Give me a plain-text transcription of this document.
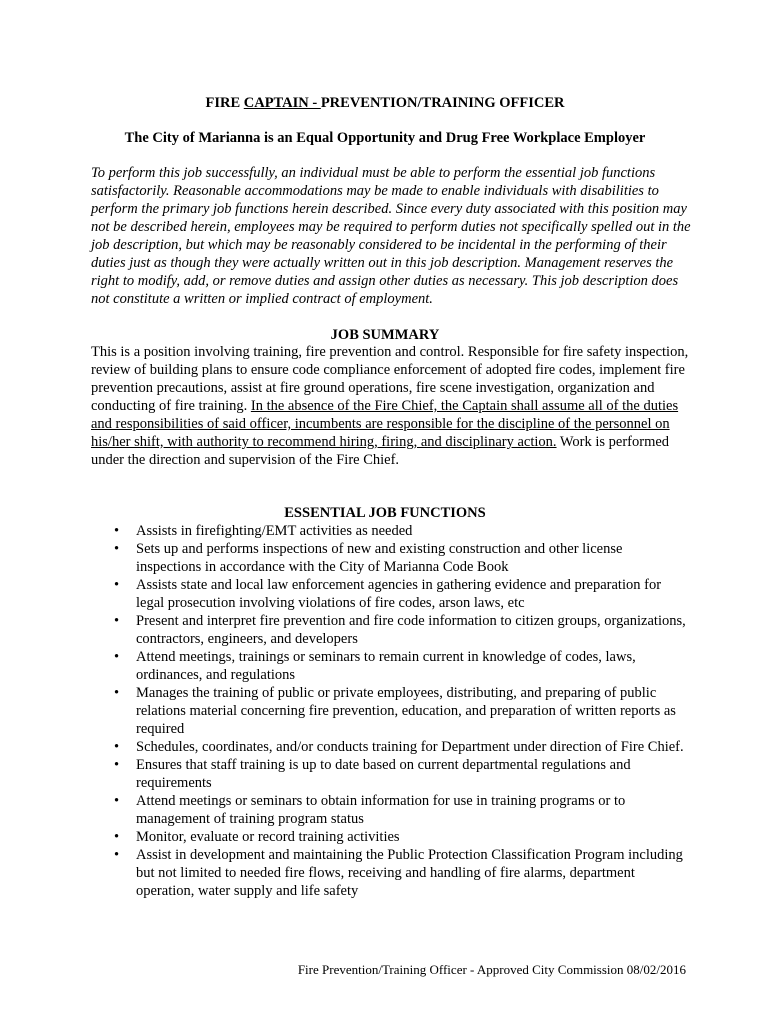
FIRE CAPTAIN - PREVENTION/TRAINING OFFICER
The City of Marianna is an Equal Opportunity and Drug Free Workplace Employer

To perform this job successfully, an individual must be able to perform the essential job functions satisfactorily. Reasonable accommodations may be made to enable individuals with disabilities to perform the primary job functions herein described. Since every duty associated with this position may not be described herein, employees may be required to perform duties not specifically spelled out in the job description, but which may be reasonably considered to be incidental in the performing of their duties just as though they were actually written out in this job description. Management reserves the right to modify, add, or remove duties and assign other duties as necessary. This job description does not constitute a written or implied contract of employment.

JOB SUMMARY

This is a position involving training, fire prevention and control. Responsible for fire safety inspection, review of building plans to ensure code compliance enforcement of adopted fire codes, implement fire prevention precautions, assist at fire ground operations, fire scene investigation, organization and conducting of fire training. In the absence of the Fire Chief, the Captain shall assume all of the duties and responsibilities of said officer, incumbents are responsible for the discipline of the personnel on his/her shift, with authority to recommend hiring, firing, and disciplinary action. Work is performed under the direction and supervision of the Fire Chief.

ESSENTIAL JOB FUNCTIONS
• Assists in firefighting/EMT activities as needed
• Sets up and performs inspections of new and existing construction and other license inspections in accordance with the City of Marianna Code Book
• Assists state and local law enforcement agencies in gathering evidence and preparation for legal prosecution involving violations of fire codes, arson laws, etc
• Present and interpret fire prevention and fire code information to citizen groups, organizations, contractors, engineers, and developers
• Attend meetings, trainings or seminars to remain current in knowledge of codes, laws, ordinances, and regulations
• Manages the training of public or private employees, distributing, and preparing of public relations material concerning fire prevention, education, and preparation of written reports as required
• Schedules, coordinates, and/or conducts training for Department under direction of Fire Chief.
• Ensures that staff training is up to date based on current departmental regulations and requirements
• Attend meetings or seminars to obtain information for use in training programs or to management of training program status
• Monitor, evaluate or record training activities
• Assist in development and maintaining the Public Protection Classification Program including but not limited to needed fire flows, receiving and handling of fire alarms, department operation, water supply and life safety
Fire Prevention/Training Officer - Approved City Commission 08/02/2016
